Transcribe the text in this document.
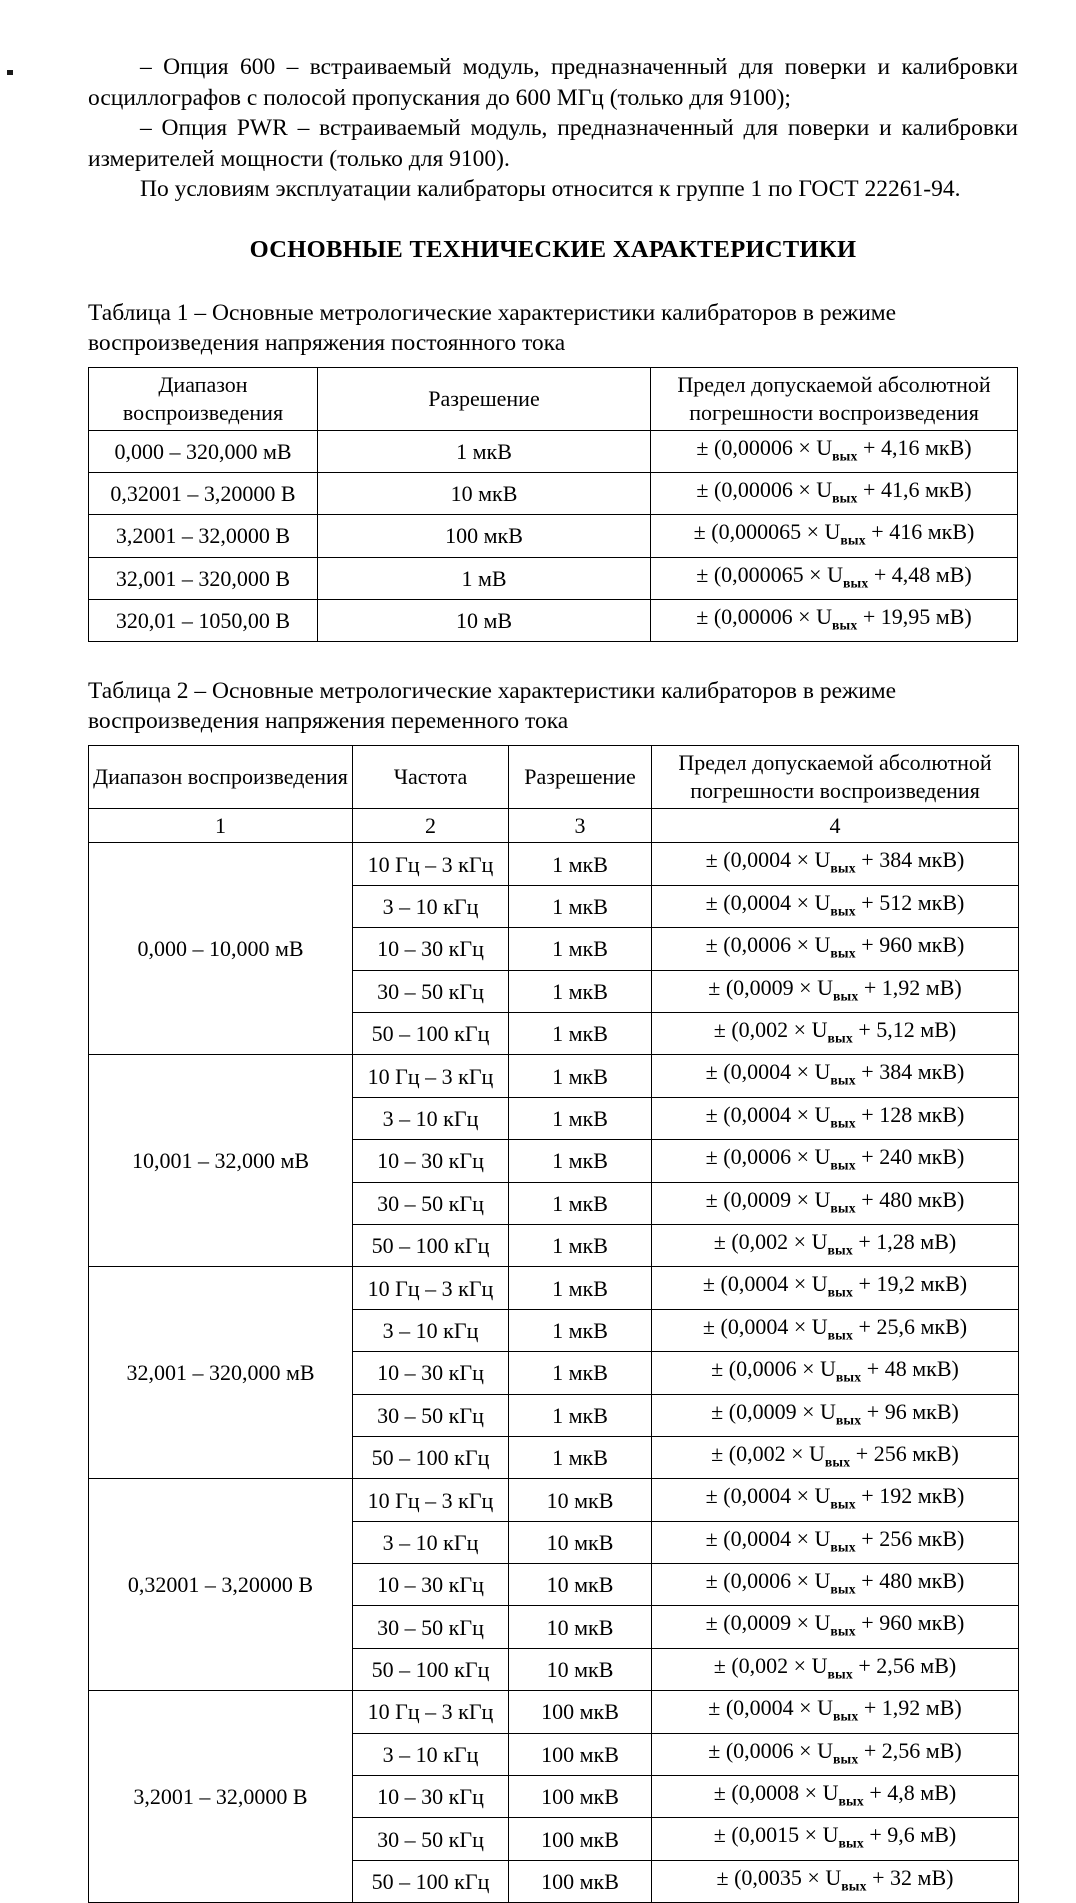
– Опция 600 – встраиваемый модуль, предназначенный для поверки и калибровки осциллографов с полосой пропускания до 600 МГц (только для 9100);

– Опция PWR – встраиваемый модуль, предназначенный для поверки и калибровки измерителей мощности (только для 9100).

По условиям эксплуатации калибраторы относится к группе 1 по ГОСТ 22261-94.

ОСНОВНЫЕ ТЕХНИЧЕСКИЕ ХАРАКТЕРИСТИКИ

Таблица 1 – Основные метрологические характеристики калибраторов в режиме

воспроизведения напряжения постоянного тока

Диапазон воспроизведения	Разрешение	Предел допускаемой абсолютной погрешности воспроизведения
0,000 – 320,000 мВ	1 мкВ	± ($0,00006 \times U_{вых} + 4,16$ мкВ)
0,32001 – 3,20000 В	10 мкВ	± ($0,00006 \times U_{вых} + 41,6$ мкВ)
3,2001 – 32,0000 В	100 мкВ	± ($0,000065 \times U_{вых} + 416$ мкВ)
32,001 – 320,000 В	1 мВ	± ($0,000065 \times U_{вых} + 4,48$ мВ)
320,01 – 1050,00 В	10 мВ	± ($0,00006 \times U_{вых} + 19,95$ мВ)

Таблица 2 – Основные метрологические характеристики калибраторов в режиме

воспроизведения напряжения переменного тока

Диапазон воспроизведения	Частота	Разрешение	Предел допускаемой абсолютной погрешности воспроизведения
1	2	3	4
0,000 – 10,000 мВ	10 Гц – 3 кГц	1 мкВ	± ($0,0004 \times U_{вых} + 384$ мкВ)
	3 – 10 кГц	1 мкВ	± ($0,0004 \times U_{вых} + 512$ мкВ)
	10 – 30 кГц	1 мкВ	± ($0,0006 \times U_{вых} + 960$ мкВ)
	30 – 50 кГц	1 мкВ	± ($0,0009 \times U_{вых} + 1,92$ мВ)
	50 – 100 кГц	1 мкВ	± ($0,002 \times U_{вых} + 5,12$ мВ)
10,001 – 32,000 мВ	10 Гц – 3 кГц	1 мкВ	± ($0,0004 \times U_{вых} + 384$ мкВ)
	3 – 10 кГц	1 мкВ	± ($0,0004 \times U_{вых} + 128$ мкВ)
	10 – 30 кГц	1 мкВ	± ($0,0006 \times U_{вых} + 240$ мкВ)
	30 – 50 кГц	1 мкВ	± ($0,0009 \times U_{вых} + 480$ мкВ)
	50 – 100 кГц	1 мкВ	± ($0,002 \times U_{вых} + 1,28$ мВ)
32,001 – 320,000 мВ	10 Гц – 3 кГц	1 мкВ	± ($0,0004 \times U_{вых} + 19,2$ мкВ)
	3 – 10 кГц	1 мкВ	± ($0,0004 \times U_{вых} + 25,6$ мкВ)
	10 – 30 кГц	1 мкВ	± ($0,0006 \times U_{вых} + 48$ мкВ)
	30 – 50 кГц	1 мкВ	± ($0,0009 \times U_{вых} + 96$ мкВ)
	50 – 100 кГц	1 мкВ	± ($0,002 \times U_{вых} + 256$ мкВ)
0,32001 – 3,20000 В	10 Гц – 3 кГц	10 мкВ	± ($0,0004 \times U_{вых} + 192$ мкВ)
	3 – 10 кГц	10 мкВ	± ($0,0004 \times U_{вых} + 256$ мкВ)
	10 – 30 кГц	10 мкВ	± ($0,0006 \times U_{вых} + 480$ мкВ)
	30 – 50 кГц	10 мкВ	± ($0,0009 \times U_{вых} + 960$ мкВ)
	50 – 100 кГц	10 мкВ	± ($0,002 \times U_{вых} + 2,56$ мВ)
3,2001 – 32,0000 В	10 Гц – 3 кГц	100 мкВ	± ($0,0004 \times U_{вых} + 1,92$ мВ)
	3 – 10 кГц	100 мкВ	± ($0,0006 \times U_{вых} + 2,56$ мВ)
	10 – 30 кГц	100 мкВ	± ($0,0008 \times U_{вых} + 4,8$ мВ)
	30 – 50 кГц	100 мкВ	± ($0,0015 \times U_{вых} + 9,6$ мВ)
	50 – 100 кГц	100 мкВ	± ($0,0035 \times U_{вых} + 32$ мВ)
